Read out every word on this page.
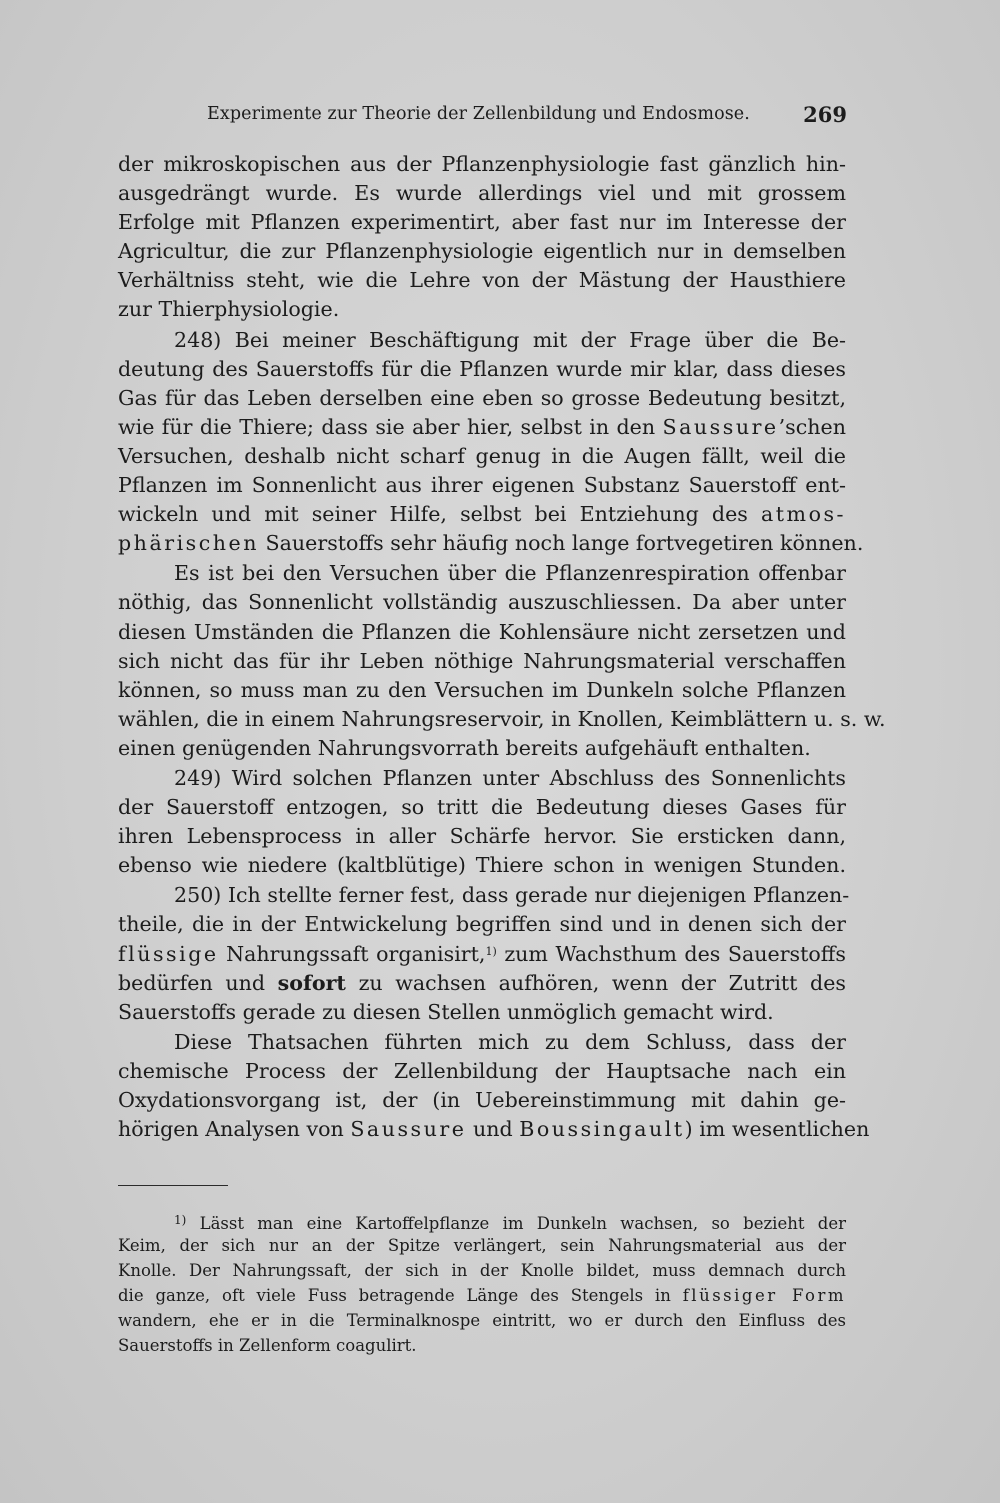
Experimente zur Theorie der Zellenbildung und Endosmose.	269
der mikroskopischen aus der Pflanzenphysiologie fast gänzlich hin-
ausgedrängt wurde. Es wurde allerdings viel und mit grossem
Erfolge mit Pflanzen experimentirt, aber fast nur im Interesse der
Agricultur, die zur Pflanzenphysiologie eigentlich nur in demselben
Verhältniss steht, wie die Lehre von der Mästung der Hausthiere
zur Thierphysiologie.
248) Bei meiner Beschäftigung mit der Frage über die Be-
deutung des Sauerstoffs für die Pflanzen wurde mir klar, dass dieses
Gas für das Leben derselben eine eben so grosse Bedeutung besitzt,
wie für die Thiere; dass sie aber hier, selbst in den Saussure’schen
Versuchen, deshalb nicht scharf genug in die Augen fällt, weil die
Pflanzen im Sonnenlicht aus ihrer eigenen Substanz Sauerstoff ent-
wickeln und mit seiner Hilfe, selbst bei Entziehung des atmos-
phärischen Sauerstoffs sehr häufig noch lange fortvegetiren können.
Es ist bei den Versuchen über die Pflanzenrespiration offenbar
nöthig, das Sonnenlicht vollständig auszuschliessen. Da aber unter
diesen Umständen die Pflanzen die Kohlensäure nicht zersetzen und
sich nicht das für ihr Leben nöthige Nahrungsmaterial verschaffen
können, so muss man zu den Versuchen im Dunkeln solche Pflanzen
wählen, die in einem Nahrungsreservoir, in Knollen, Keimblättern u. s. w.
einen genügenden Nahrungsvorrath bereits aufgehäuft enthalten.
249) Wird solchen Pflanzen unter Abschluss des Sonnenlichts
der Sauerstoff entzogen, so tritt die Bedeutung dieses Gases für
ihren Lebensprocess in aller Schärfe hervor. Sie ersticken dann,
ebenso wie niedere (kaltblütige) Thiere schon in wenigen Stunden.
250) Ich stellte ferner fest, dass gerade nur diejenigen Pflanzen-
theile, die in der Entwickelung begriffen sind und in denen sich der
flüssige Nahrungssaft organisirt,$^{1)}$ zum Wachsthum des Sauerstoffs
bedürfen und sofort zu wachsen aufhören, wenn der Zutritt des
Sauerstoffs gerade zu diesen Stellen unmöglich gemacht wird.
Diese Thatsachen führten mich zu dem Schluss, dass der
chemische Process der Zellenbildung der Hauptsache nach ein
Oxydationsvorgang ist, der (in Uebereinstimmung mit dahin ge-
hörigen Analysen von Saussure und Boussingault) im wesentlichen
$^{1)}$ Lässt man eine Kartoffelpflanze im Dunkeln wachsen, so bezieht der
Keim, der sich nur an der Spitze verlängert, sein Nahrungsmaterial aus der
Knolle. Der Nahrungssaft, der sich in der Knolle bildet, muss demnach durch
die ganze, oft viele Fuss betragende Länge des Stengels in flüssiger Form
wandern, ehe er in die Terminalknospe eintritt, wo er durch den Einfluss des
Sauerstoffs in Zellenform coagulirt.
